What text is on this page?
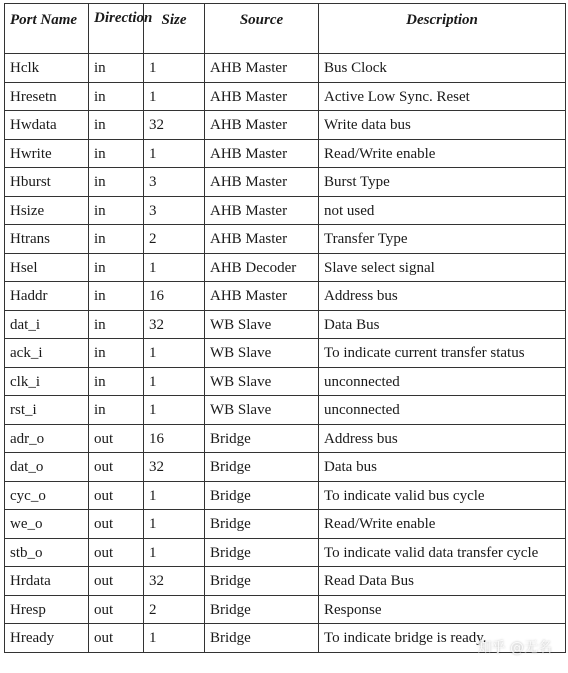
Port Name	Direction	Size	Source	Description
Hclk	in	1	AHB Master	Bus Clock
Hresetn	in	1	AHB Master	Active Low Sync. Reset
Hwdata	in	32	AHB Master	Write data bus
Hwrite	in	1	AHB Master	Read/Write enable
Hburst	in	3	AHB Master	Burst Type
Hsize	in	3	AHB Master	not used
Htrans	in	2	AHB Master	Transfer Type
Hsel	in	1	AHB Decoder	Slave select signal
Haddr	in	16	AHB Master	Address bus
dat_i	in	32	WB Slave	Data Bus
ack_i	in	1	WB Slave	To indicate current transfer status
clk_i	in	1	WB Slave	unconnected
rst_i	in	1	WB Slave	unconnected
adr_o	out	16	Bridge	Address bus
dat_o	out	32	Bridge	Data bus
cyc_o	out	1	Bridge	To indicate valid bus cycle
we_o	out	1	Bridge	Read/Write enable
stb_o	out	1	Bridge	To indicate valid data transfer cycle
Hrdata	out	32	Bridge	Read Data Bus
Hresp	out	2	Bridge	Response
Hready	out	1	Bridge	To indicate bridge is ready.
知乎 @无名
